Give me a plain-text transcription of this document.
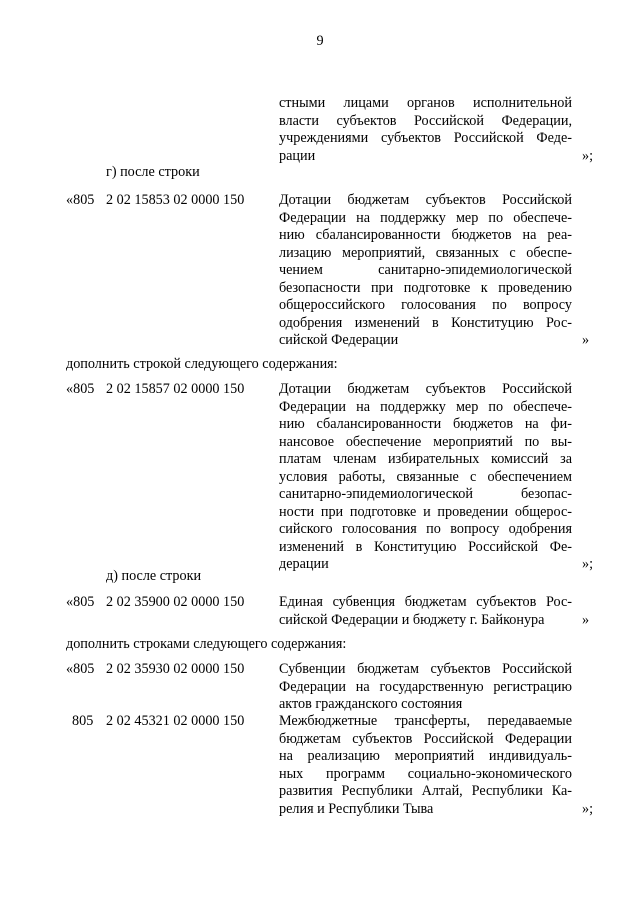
9
стными лицами органов исполнительной
власти субъектов Российской Федерации,
учреждениями субъектов Российской Феде-
рации	»;
г) после строки
«805 2 02 15853 02 0000 150 Дотации бюджетам субъектов Российской
Федерации на поддержку мер по обеспече-
нию сбалансированности бюджетов на реа-
лизацию мероприятий, связанных с обеспе-
чением санитарно-эпидемиологической
безопасности при подготовке к проведению
общероссийского голосования по вопросу
одобрения изменений в Конституцию Рос-
сийской Федерации	»
дополнить строкой следующего содержания:
«805 2 02 15857 02 0000 150 Дотации бюджетам субъектов Российской
Федерации на поддержку мер по обеспече-
нию сбалансированности бюджетов на фи-
нансовое обеспечение мероприятий по вы-
платам членам избирательных комиссий за
условия работы, связанные с обеспечением
санитарно-эпидемиологической безопас-
ности при подготовке и проведении общерос-
сийского голосования по вопросу одобрения
изменений в Конституцию Российской Фе-
дерации	»;
д) после строки
«805 2 02 35900 02 0000 150 Единая субвенция бюджетам субъектов Рос-
сийской Федерации и бюджету г. Байконура	»
дополнить строками следующего содержания:
«805 2 02 35930 02 0000 150 Субвенции бюджетам субъектов Российской
Федерации на государственную регистрацию
актов гражданского состояния
805 2 02 45321 02 0000 150 Межбюджетные трансферты, передаваемые
бюджетам субъектов Российской Федерации
на реализацию мероприятий индивидуаль-
ных программ социально-экономического
развития Республики Алтай, Республики Ка-
релия и Республики Тыва	»;
